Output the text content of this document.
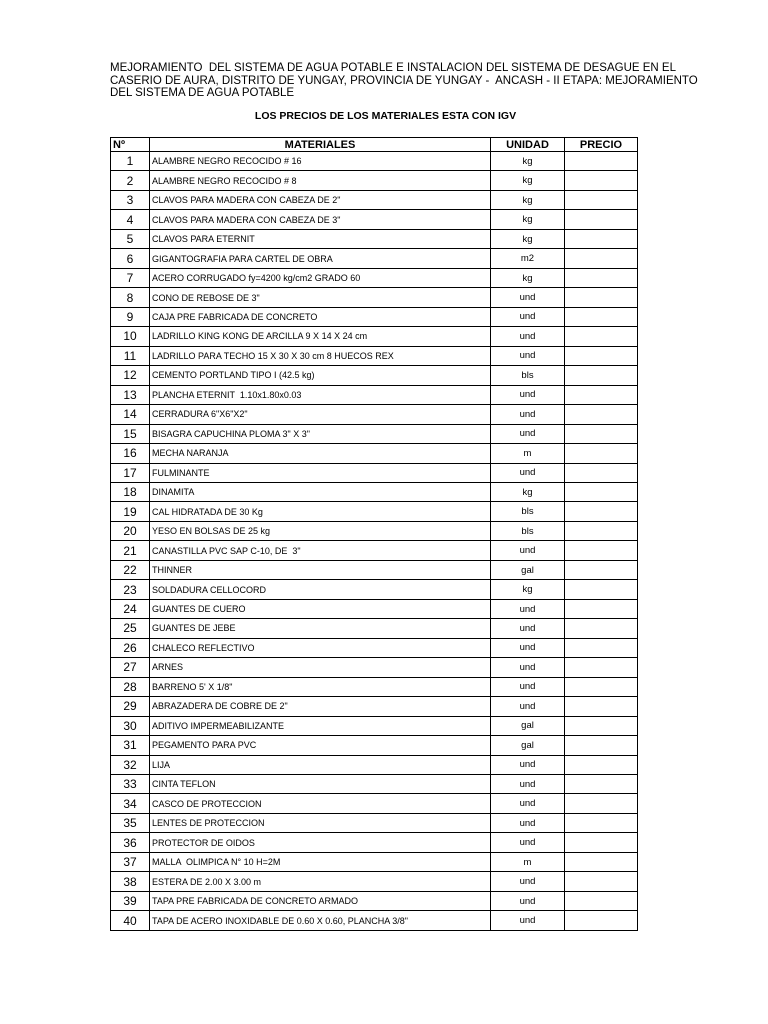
MEJORAMIENTO  DEL SISTEMA DE AGUA POTABLE E INSTALACION DEL SISTEMA DE DESAGUE EN EL
CASERIO DE AURA, DISTRITO DE YUNGAY, PROVINCIA DE YUNGAY -  ANCASH - II ETAPA: MEJORAMIENTO
DEL SISTEMA DE AGUA POTABLE
LOS PRECIOS DE LOS MATERIALES ESTA CON IGV
Nº	MATERIALES	UNIDAD	PRECIO
1	ALAMBRE NEGRO RECOCIDO # 16	kg
2	ALAMBRE NEGRO RECOCIDO # 8	kg
3	CLAVOS PARA MADERA CON CABEZA DE 2"	kg
4	CLAVOS PARA MADERA CON CABEZA DE 3"	kg
5	CLAVOS PARA ETERNIT	kg
6	GIGANTOGRAFIA PARA CARTEL DE OBRA	m2
7	ACERO CORRUGADO fy=4200 kg/cm2 GRADO 60	kg
8	CONO DE REBOSE DE 3"	und
9	CAJA PRE FABRICADA DE CONCRETO	und
10	LADRILLO KING KONG DE ARCILLA 9 X 14 X 24 cm	und
11	LADRILLO PARA TECHO 15 X 30 X 30 cm 8 HUECOS REX	und
12	CEMENTO PORTLAND TIPO I (42.5 kg)	bls
13	PLANCHA ETERNIT  1.10x1.80x0.03	und
14	CERRADURA 6"X6"X2"	und
15	BISAGRA CAPUCHINA PLOMA 3" X 3"	und
16	MECHA NARANJA	m
17	FULMINANTE	und
18	DINAMITA	kg
19	CAL HIDRATADA DE 30 Kg	bls
20	YESO EN BOLSAS DE 25 kg	bls
21	CANASTILLA PVC SAP C-10, DE  3"	und
22	THINNER	gal
23	SOLDADURA CELLOCORD	kg
24	GUANTES DE CUERO	und
25	GUANTES DE JEBE	und
26	CHALECO REFLECTIVO	und
27	ARNES	und
28	BARRENO 5' X 1/8"	und
29	ABRAZADERA DE COBRE DE 2"	und
30	ADITIVO IMPERMEABILIZANTE	gal
31	PEGAMENTO PARA PVC	gal
32	LIJA	und
33	CINTA TEFLON	und
34	CASCO DE PROTECCION	und
35	LENTES DE PROTECCION	und
36	PROTECTOR DE OIDOS	und
37	MALLA  OLIMPICA N° 10 H=2M	m
38	ESTERA DE 2.00 X 3.00 m	und
39	TAPA PRE FABRICADA DE CONCRETO ARMADO	und
40	TAPA DE ACERO INOXIDABLE DE 0.60 X 0.60, PLANCHA 3/8"	und
